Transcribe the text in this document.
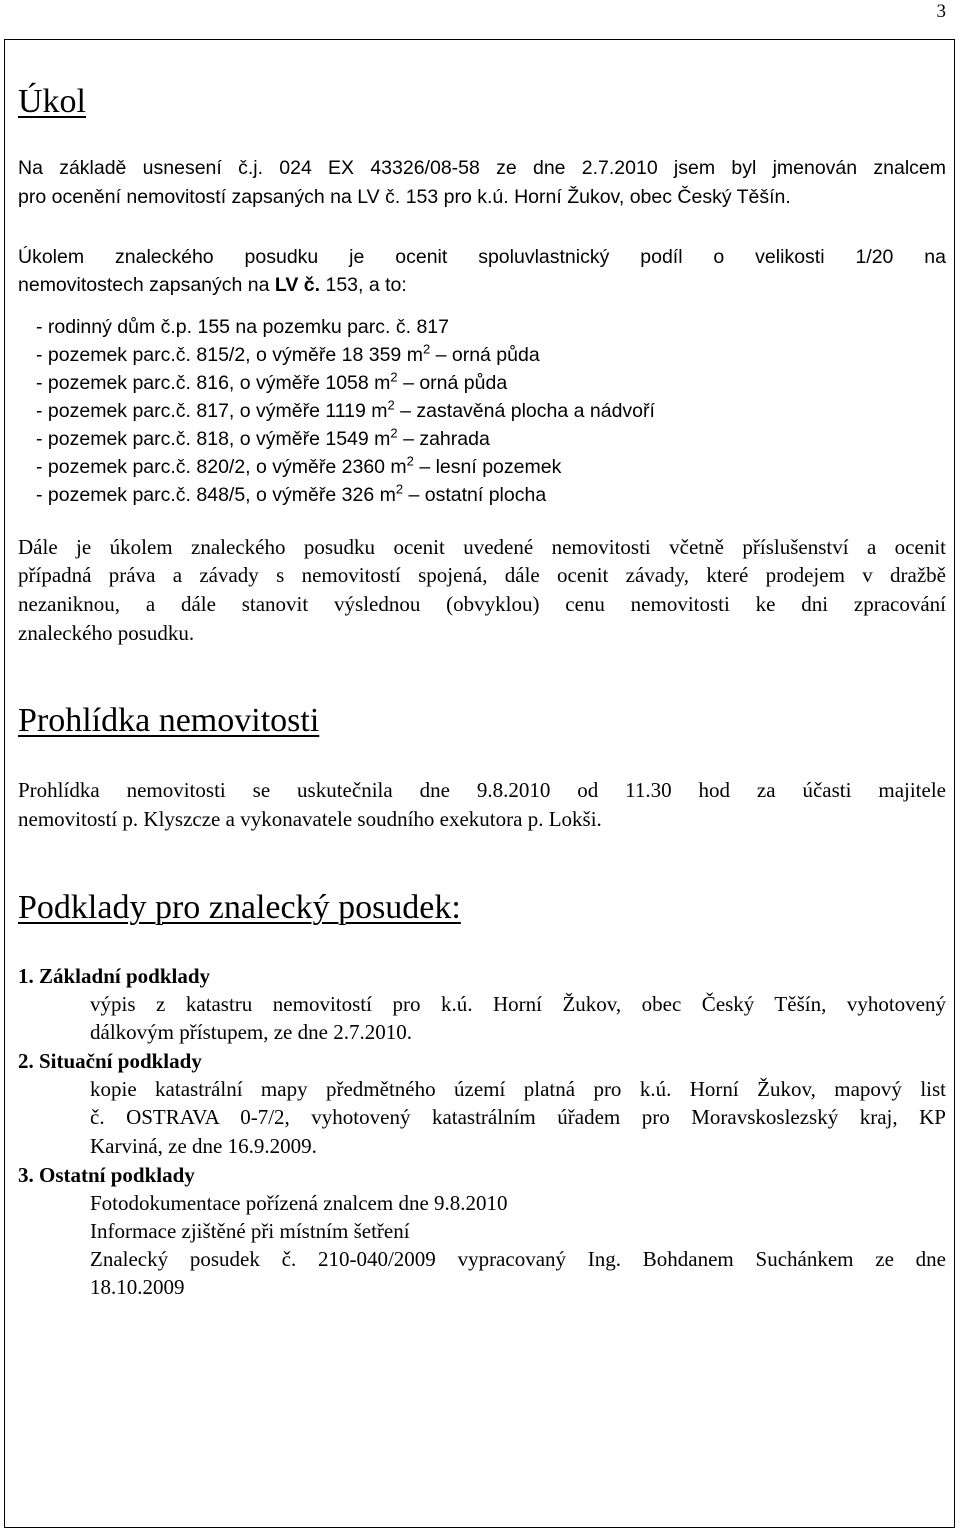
3
Úkol
Na základě usnesení č.j. 024 EX 43326/08-58 ze dne 2.7.2010 jsem byl jmenován znalcem
pro ocenění nemovitostí zapsaných na LV č. 153 pro k.ú. Horní Žukov, obec Český Těšín.
Úkolem znaleckého posudku je ocenit spoluvlastnický podíl o velikosti 1/20 na
nemovitostech zapsaných na LV č. 153, a to:
- rodinný dům č.p. 155 na pozemku parc. č. 817
- pozemek parc.č. 815/2, o výměře 18 359 $m^2$ – orná půda
- pozemek parc.č. 816, o výměře 1058 $m^2$ – orná půda
- pozemek parc.č. 817, o výměře 1119 $m^2$ – zastavěná plocha a nádvoří
- pozemek parc.č. 818, o výměře 1549 $m^2$ – zahrada
- pozemek parc.č. 820/2, o výměře 2360 $m^2$ – lesní pozemek
- pozemek parc.č. 848/5, o výměře 326 $m^2$ – ostatní plocha
Dále je úkolem znaleckého posudku ocenit uvedené nemovitosti včetně příslušenství a ocenit
případná práva a závady s nemovitostí spojená, dále ocenit závady, které prodejem v dražbě
nezaniknou, a dále stanovit výslednou (obvyklou) cenu nemovitosti ke dni zpracování
znaleckého posudku.
Prohlídka nemovitosti
Prohlídka nemovitosti se uskutečnila dne 9.8.2010 od 11.30 hod za účasti majitele
nemovitostí p. Klyszcze a vykonavatele soudního exekutora p. Lokši.
Podklady pro znalecký posudek:
1. Základní podklady
výpis z katastru nemovitostí pro k.ú. Horní Žukov, obec Český Těšín, vyhotovený
dálkovým přístupem, ze dne 2.7.2010.
2. Situační podklady
kopie katastrální mapy předmětného území platná pro k.ú. Horní Žukov, mapový list
č. OSTRAVA 0-7/2, vyhotovený katastrálním úřadem pro Moravskoslezský kraj, KP
Karviná, ze dne 16.9.2009.
3. Ostatní podklady
Fotodokumentace pořízená znalcem dne 9.8.2010
Informace zjištěné při místním šetření
Znalecký posudek č. 210-040/2009 vypracovaný Ing. Bohdanem Suchánkem ze dne
18.10.2009
